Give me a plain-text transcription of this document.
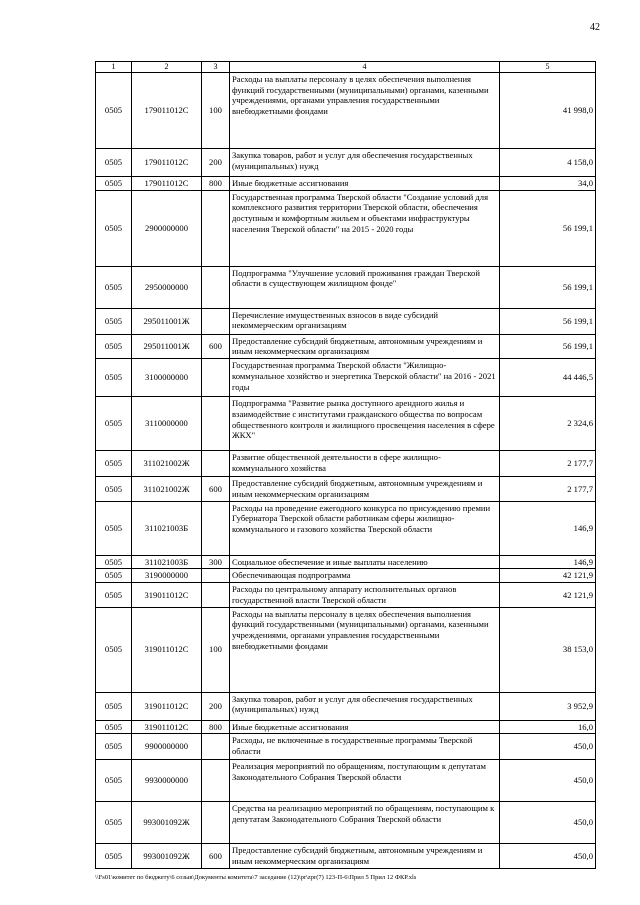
42
1	2	3	4	5
0505	179011012С	100	Расходы на выплаты персоналу в целях обеспечения выполнения функций государственными (муниципальными) органами, казенными учреждениями, органами управления государственными внебюджетными фондами	41 998,0
0505	179011012С	200	Закупка товаров, работ и услуг для обеспечения государственных (муниципальных) нужд	4 158,0
0505	179011012С	800	Иные бюджетные ассигнования	34,0
0505	2900000000		Государственная программа Тверской области "Создание условий для комплексного развития территории Тверской области, обеспечения доступным и комфортным жильем и объектами инфраструктуры населения Тверской области" на 2015 - 2020 годы	56 199,1
0505	2950000000		Подпрограмма "Улучшение условий проживания граждан Тверской области в существующем жилищном фонде"	56 199,1
0505	295011001Ж		Перечисление имущественных взносов в виде субсидий некоммерческим организациям	56 199,1
0505	295011001Ж	600	Предоставление субсидий бюджетным, автономным учреждениям и иным некоммерческим организациям	56 199,1
0505	3100000000		Государственная программа Тверской области "Жилищно-коммунальное хозяйство и энергетика Тверской области" на 2016 - 2021 годы	44 446,5
0505	3110000000		Подпрограмма "Развитие рынка доступного арендного жилья и взаимодействие с институтами гражданского общества по вопросам общественного контроля и жилищного просвещения населения в сфере ЖКХ"	2 324,6
0505	311021002Ж		Развитие общественной деятельности в сфере жилищно-коммунального хозяйства	2 177,7
0505	311021002Ж	600	Предоставление субсидий бюджетным, автономным учреждениям и иным некоммерческим организациям	2 177,7
0505	311021003Б		Расходы на проведение ежегодного конкурса по присуждению премии Губернатора Тверской области работникам сферы жилищно-коммунального и газового хозяйства Тверской области	146,9
0505	311021003Б	300	Социальное обеспечение и иные выплаты населению	146,9
0505	3190000000		Обеспечивающая подпрограмма	42 121,9
0505	319011012С		Расходы по центральному аппарату исполнительных органов государственной власти Тверской области	42 121,9
0505	319011012С	100	Расходы на выплаты персоналу в целях обеспечения выполнения функций государственными (муниципальными) органами, казенными учреждениями, органами управления государственными внебюджетными фондами	38 153,0
0505	319011012С	200	Закупка товаров, работ и услуг для обеспечения государственных (муниципальных) нужд	3 952,9
0505	319011012С	800	Иные бюджетные ассигнования	16,0
0505	9900000000		Расходы, не включенные в государственные программы Тверской области	450,0
0505	9930000000		Реализация мероприятий по обращениям, поступающим к депутатам Законодательного Собрания Тверской области	450,0
0505	993001092Ж		Средства на реализацию мероприятий по обращениям, поступающим к депутатам Законодательного Собрания Тверской области	450,0
0505	993001092Ж	600	Предоставление субсидий бюджетным, автономным учреждениям и иным некоммерческим организациям	450,0
\\Fs01\комитет по бюджету\6 созыв\Документы комитета\7 заседание (12)\pr\zpr(7) 123-П-6\Прил 5 Прил 12 ФКР.xls
